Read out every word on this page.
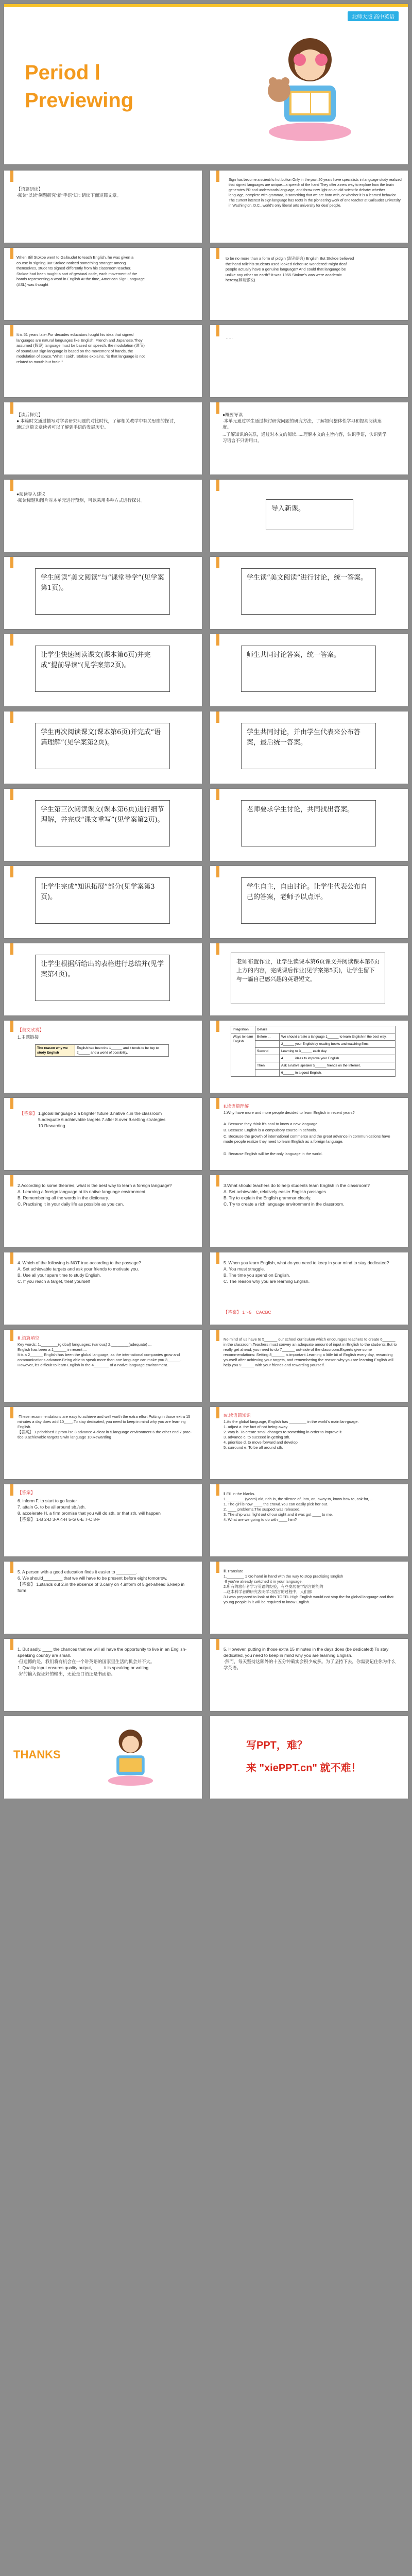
北师大版 高中英语
Period Ⅰ
Previewing
【语篇研读】
·阅读“以读”例题研究“新”手语“知”: 请读下面短篇文章。
Sign has become a scientific hot button Only in the past 20 years have specialists in language study realized that signed languages are unique—a speech of the hand They offer a new way to explore how the brain generates PR and understands language, and throw new light on an old scientific debate: whether language, complete with grammar, is something that we are born with, or whether it is a learned behavior The current interest in sign language has roots in the pioneering work of one teacher at Gallaudet University in Washington, D.C., world's only liberal arts university for deaf people.
When Bill Stokoe went to Gallaudet to teach English, he was given a course in signing.But Stokoe noticed something strange: among themselves, students signed differently from his classroom teacher.
Stokoe had been taught a sort of gestural code, each movement of the hands representing a word in English At the time, American Sign Language (ASL) was thought
to be no more than a form of pidgin (混杂语言) English.But Stokoe believed the"hand talk"his students used looked richer.He wondered: might deaf people actually have a genuine language? And could that language be unlike any other on earth? It was 1955.Stokoe's was were academic heresy(异端邪说).
It is 51 years later.For decades educators fought his idea that signed languages are natural languages like English, French and Japanese.They assumed (假设) language must be based on speech, the modulation (调节) of sound.But sign language is based on the movement of hands, the modulation of space."What I said", Stokoe explains, "is that language is not related to mouth but brain."
·····
【读后探究】
● 本篇时文通过描写对学者研究问题的对比时代，了解相关教学中有关思维的探讨，通过这篇文章读者可以了解到手语的发展历史。
●概要导读
·本单元通过学生通过探讨研究问题的研究方法，了解如何整体性学习和提高阅读速度。
...了解知识的关联，通过对本文的阅读......理解本文的主旨内容，认识手语，认识到学习语言不只需用口。
●阅读导入建议
·阅读标题和图片对本单元进行预测，可以采用多种方式进行探讨。
导入新课。
学生阅读“美文阅读”与“课堂导学”(见学案第1页)。
学生读“美文阅读”进行讨论，统一答案。
让学生快速阅读课文(课本第6页)并完成“提前导读”(见学案第2页)。
师生共同讨论答案，统一答案。
学生再次阅读课文(课本第6页)并完成“语篇理解”(见学案第2页)。
学生共同讨论，并由学生代表来公布答案，最后统一答案。
学生第三次阅读课文(课本第6页)进行细节理解，并完成“课文重写”(见学案第2页)。
老师要求学生讨论，共同找出答案。
让学生完成“知识拓展”部分(见学案第3页)。
学生自主，自由讨论。让学生代表公布自己的答案，老师予以点评。
让学生根据所给出的表格进行总结并(见学案第4页)。
老师布置作业，让学生读课本第6页课文并阅读课本第6页上方的内容，完成课后作业(见学案第5页)，让学生留下与一篇自己感兴趣的英语短文。
【美文欣赏】
1.主题链接
The reason why we study English	English had been the 1______ and it tends to be key to 2______ and a world of possibility.
Integration	Details	
Ways to learn English	Before ...	We should create a language 1______ to learn English in the best way.
		2______ your English by reading books and watching films.
	Second	Learning to 3______ each day.
		4______ ideas to improve your English.
	Then	Ask a native speaker 5______ friends on the Internet.
		6______ in a good English.
【答案】 1.global language 2.a brighter future 3.native 4.in the classroom 5.adequate 6.achievable targets 7.after 8.over 9.setting strategies 10.Rewarding
Ⅱ.读语篇理解
1.Why have more and more people decided to learn English in recent years?
A. Because they think it's cool to know a new language.
B. Because English is a compulsory course in schools.
C. Because the growth of international commerce and the great advance in communications have made people realize they need to learn English as a foreign language.
D. Because English will be the only language in the world.
2.According to some theories, what is the best way to learn a foreign language?
A. Learning a foreign language at its native language environment.
B. Remembering all the words in the dictionary.
C. Practising it in your daily life as possible as you can.
3.What should teachers do to help students learn English in the classroom?
A. Set achievable, relatively easier English passages.
B. Try to explain the English grammar clearly.
C. Try to create a rich language environment in the classroom.
4. Which of the following is NOT true according to the passage?
A. Set achievable targets and ask your friends to motivate you.
B. Use all your spare time to study English.
C. If you reach a target, treat yourself
5. When you learn English, what do you need to keep in your mind to stay dedicated?
A. You must struggle.
B. The time you spend on English.
C. The reason why you are learning English.
【答案】 1～5　CACBC
Ⅲ.语篇填空
Key words: 1.________(global) languages; (various) 2.________(adequate) ...
English has been a 1______ in recent ...
It is a 2______ English has been the global language, as the international companies grow and communications advance.Being able to speak more than one language can make you 3______. However, it's difficult to learn English in the 4_______ of a native language environment.
No mind of us have to 5______ our school curriculum which encourages teachers to create 6______ in the classroom.Teachers must convey an adequate amount of input in English to the students.But to really get ahead, you need to do 7______ out-side of the classroom.Experts give some recommendations: Setting 8______ is important.Learning a little bit of English every day, rewarding yourself after achieving your targets, and remembering the reason why you are learning English will help you 9______ with your friends and rewarding yourself.
·These recommendations are easy to achieve and well worth the extra effort.Putting in those extra 15 minutes a day does add 10____.To stay dedicated, you need to keep in mind why you are learning English.
【答案】 1.prioritised 2.prom-ise 3.advance 4.clear in 5.language environment 6.the other end 7.prac-tice 8.achievable targets 9.win language 10.Rewarding
Ⅳ.读语篇知识
1.As the global language, English has ________ in the world's main lan-guage.
1. adjust a. the fact of not being away
2. vary b. To create small changes to something in order to improve it
3. advance c. to succeed in getting sth.
4. prioritise d. to move forward and develop
5. surround e. To be all around sth.
【答案】
6. inform F. to start to go faster
7. attain G. to be all around sb./sth.
8. accelerate H. a firm promise that you will do sth. or that sth. will happen
【答案】 1-B 2-D 3-A 4-H 5-G 6-E 7-C 8-F
Ⅱ.Fill in the blanks.
1.________ (years) old, rich in, the silence of, into, on, away to, know how to, ask for, ...
1. The girl is now ____ the crowd.You can easily pick her out.
2. ____ problems.The suspect was released.
3. The ship was flight out of our sight and it was got ____ to me.
4. What are we going to do with ____ him?
5. A person with a good education finds it easier to ________.
6. We should________ that we will have to be present before eight tomorrow.
【答案】 1.stands out 2.in the absence of 3.carry on 4.inform of 5.get-ahead 6.keep in form
Ⅲ.Translate
1.________ 1 Go hand in hand with the way to stop practising English
·If you've already switched it in your language.
2.所有的旅行者学习英语的经验，有些发展在学语言的能的
...这本科学者的研究表明学习语言的过程中，人们都
3.I was prepared to look at this TOEFL High English would not stop the for global language and that young people in it will be required to know English.
1. But sadly, ____ the chances that we will all have the opportunity to live in an English-speaking country are small.
·但遗憾的是，我们将有机会在一个讲英语的国家里生活的机会并不大。
1. Quality input ensures quality output, ____ it is speaking or writing.
·好的输入保证好的输出，无论是口语还是书面语。
5. However, putting in those extra 15 minutes in the days does (be dedicated) To stay dedicated, you need to keep in mind why you are learning English.
·然而，每天坚持这额外的十五分钟确实会积少成多。为了坚持下去，你需要记住你为什么学英语。
THANKS
写PPT，难？
来 "xiePPT.cn" 就不难！
